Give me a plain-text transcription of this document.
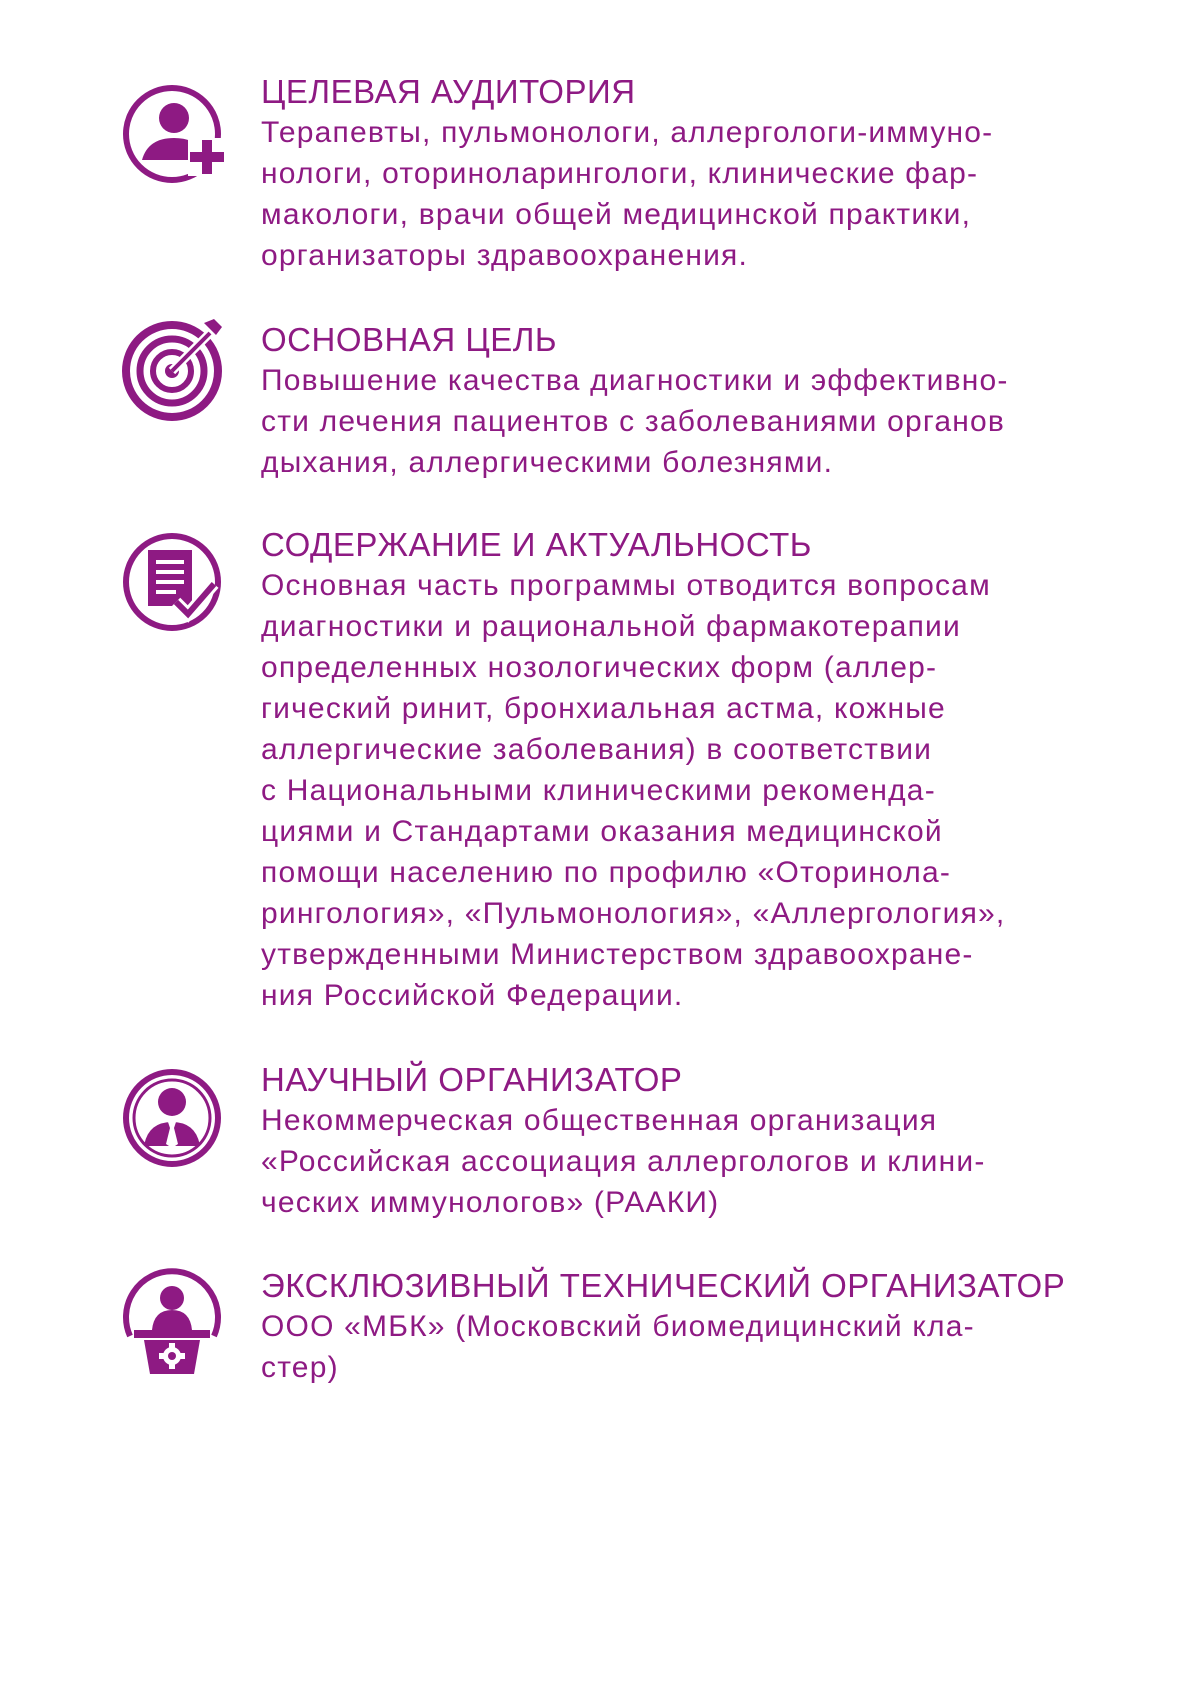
ЦЕЛЕВАЯ АУДИТОРИЯ
Терапевты, пульмонологи, аллергологи-иммуно-
нологи, оториноларингологи, клинические фар-
макологи, врачи общей медицинской практики,
организаторы здравоохранения.
ОСНОВНАЯ ЦЕЛЬ
Повышение качества диагностики и эффективно-
сти лечения пациентов с заболеваниями органов
дыхания, аллергическими болезнями.
СОДЕРЖАНИЕ И АКТУАЛЬНОСТЬ
Основная часть программы отводится вопросам
диагностики и рациональной фармакотерапии
определенных нозологических форм (аллер-
гический ринит, бронхиальная астма, кожные
аллергические заболевания) в соответствии
с Национальными клиническими рекоменда-
циями и Стандартами оказания медицинской
помощи населению по профилю «Оторинола-
рингология», «Пульмонология», «Аллергология»,
утвержденными Министерством здравоохране-
ния Российской Федерации.
НАУЧНЫЙ ОРГАНИЗАТОР
Некоммерческая общественная организация
«Российская ассоциация аллергологов и клини-
ческих иммунологов» (РААКИ)
ЭКСКЛЮЗИВНЫЙ ТЕХНИЧЕСКИЙ ОРГАНИЗАТОР
ООО «МБК» (Московский биомедицинский кла-
стер)
